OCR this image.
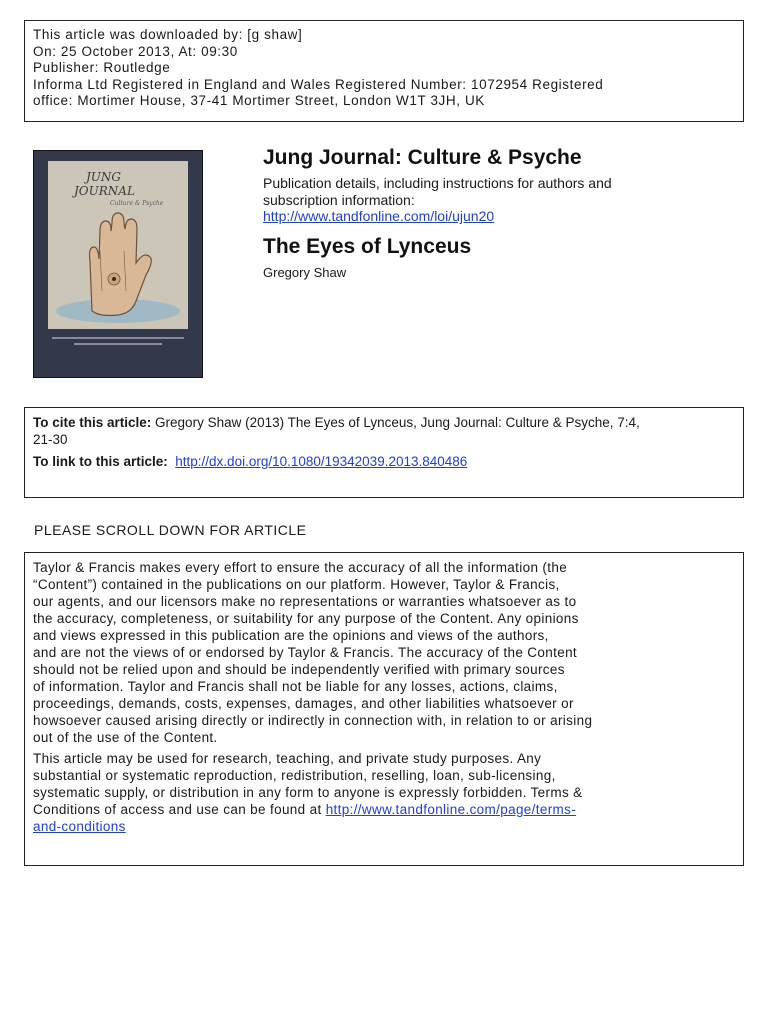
This article was downloaded by: [g shaw]
On: 25 October 2013, At: 09:30
Publisher: Routledge
Informa Ltd Registered in England and Wales Registered Number: 1072954 Registered
office: Mortimer House, 37-41 Mortimer Street, London W1T 3JH, UK
JUNG
JOURNAL
Culture & Psyche
Jung Journal: Culture & Psyche
Publication details, including instructions for authors and
subscription information:
http://www.tandfonline.com/loi/ujun20
The Eyes of Lynceus
Gregory Shaw
To cite this article: Gregory Shaw (2013) The Eyes of Lynceus, Jung Journal: Culture & Psyche, 7:4,
21-30
To link to this article: http://dx.doi.org/10.1080/19342039.2013.840486
PLEASE SCROLL DOWN FOR ARTICLE

Taylor & Francis makes every effort to ensure the accuracy of all the information (the
“Content”) contained in the publications on our platform. However, Taylor & Francis,
our agents, and our licensors make no representations or warranties whatsoever as to
the accuracy, completeness, or suitability for any purpose of the Content. Any opinions
and views expressed in this publication are the opinions and views of the authors,
and are not the views of or endorsed by Taylor & Francis. The accuracy of the Content
should not be relied upon and should be independently verified with primary sources
of information. Taylor and Francis shall not be liable for any losses, actions, claims,
proceedings, demands, costs, expenses, damages, and other liabilities whatsoever or
howsoever caused arising directly or indirectly in connection with, in relation to or arising
out of the use of the Content.

This article may be used for research, teaching, and private study purposes. Any
substantial or systematic reproduction, redistribution, reselling, loan, sub-licensing,
systematic supply, or distribution in any form to anyone is expressly forbidden. Terms &
Conditions of access and use can be found at http://www.tandfonline.com/page/terms-
and-conditions
